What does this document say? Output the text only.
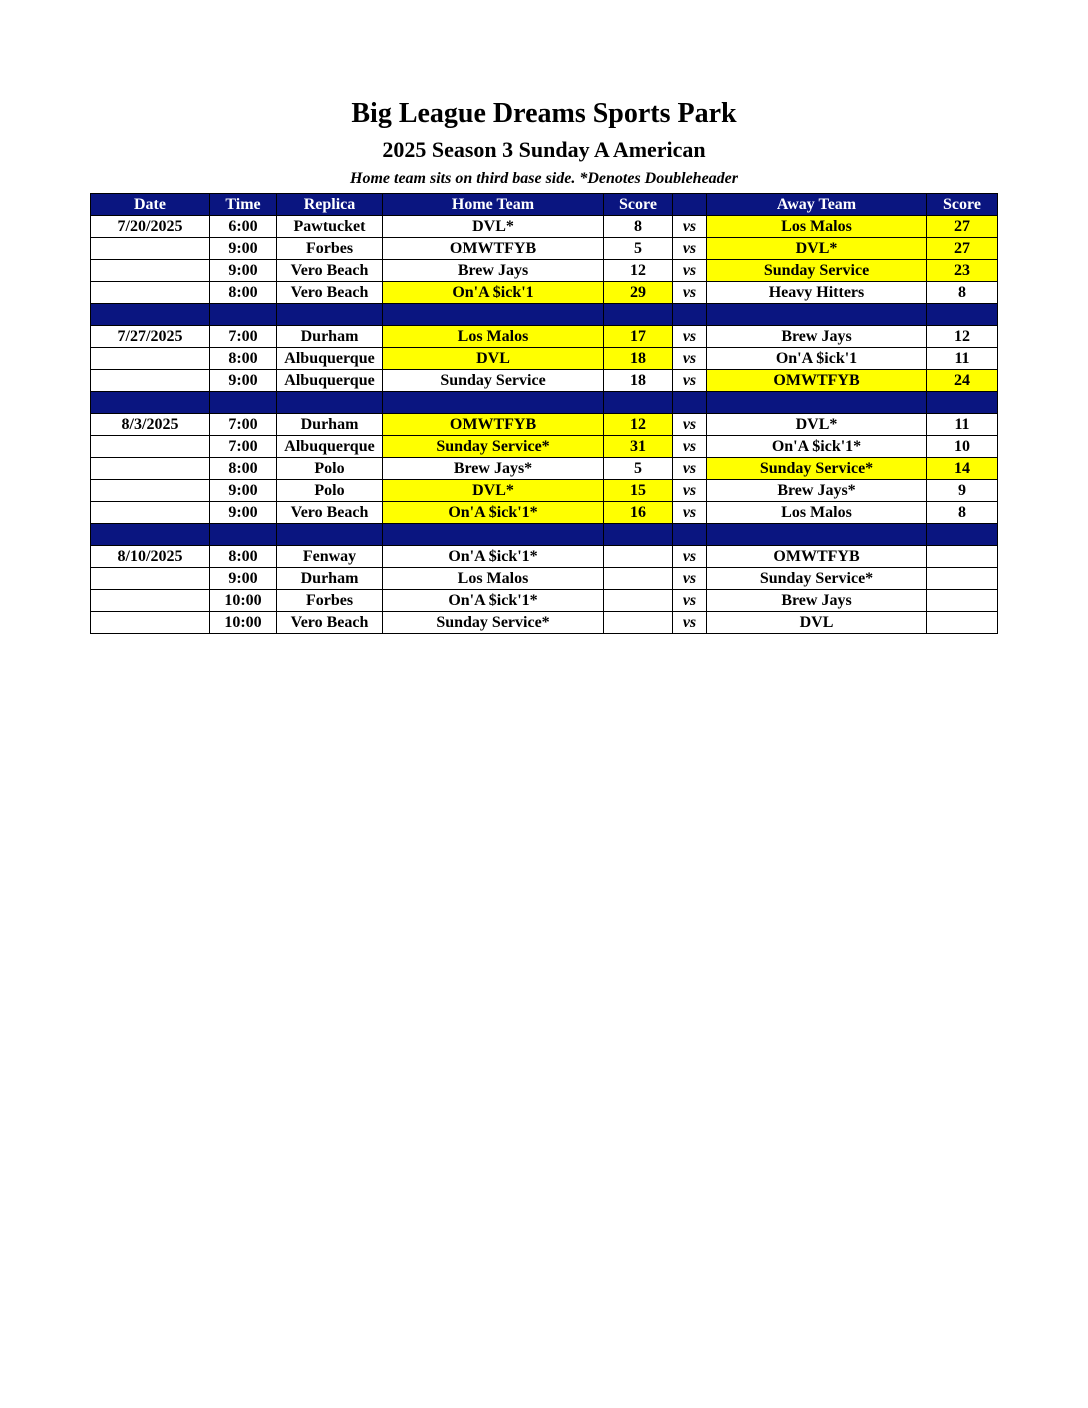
Big League Dreams Sports Park
2025 Season 3 Sunday A American
Home team sits on third base side. *Denotes Doubleheader
Date	Time	Replica	Home Team	Score		Away Team	Score
7/20/2025	6:00	Pawtucket	DVL*	8	vs	Los Malos	27
	9:00	Forbes	OMWTFYB	5	vs	DVL*	27
	9:00	Vero Beach	Brew Jays	12	vs	Sunday Service	23
	8:00	Vero Beach	On'A $ick'1	29	vs	Heavy Hitters	8

7/27/2025	7:00	Durham	Los Malos	17	vs	Brew Jays	12
	8:00	Albuquerque	DVL	18	vs	On'A $ick'1	11
	9:00	Albuquerque	Sunday Service	18	vs	OMWTFYB	24

8/3/2025	7:00	Durham	OMWTFYB	12	vs	DVL*	11
	7:00	Albuquerque	Sunday Service*	31	vs	On'A $ick'1*	10
	8:00	Polo	Brew Jays*	5	vs	Sunday Service*	14
	9:00	Polo	DVL*	15	vs	Brew Jays*	9
	9:00	Vero Beach	On'A $ick'1*	16	vs	Los Malos	8

8/10/2025	8:00	Fenway	On'A $ick'1*		vs	OMWTFYB	
	9:00	Durham	Los Malos		vs	Sunday Service*	
	10:00	Forbes	On'A $ick'1*		vs	Brew Jays	
	10:00	Vero Beach	Sunday Service*		vs	DVL	
